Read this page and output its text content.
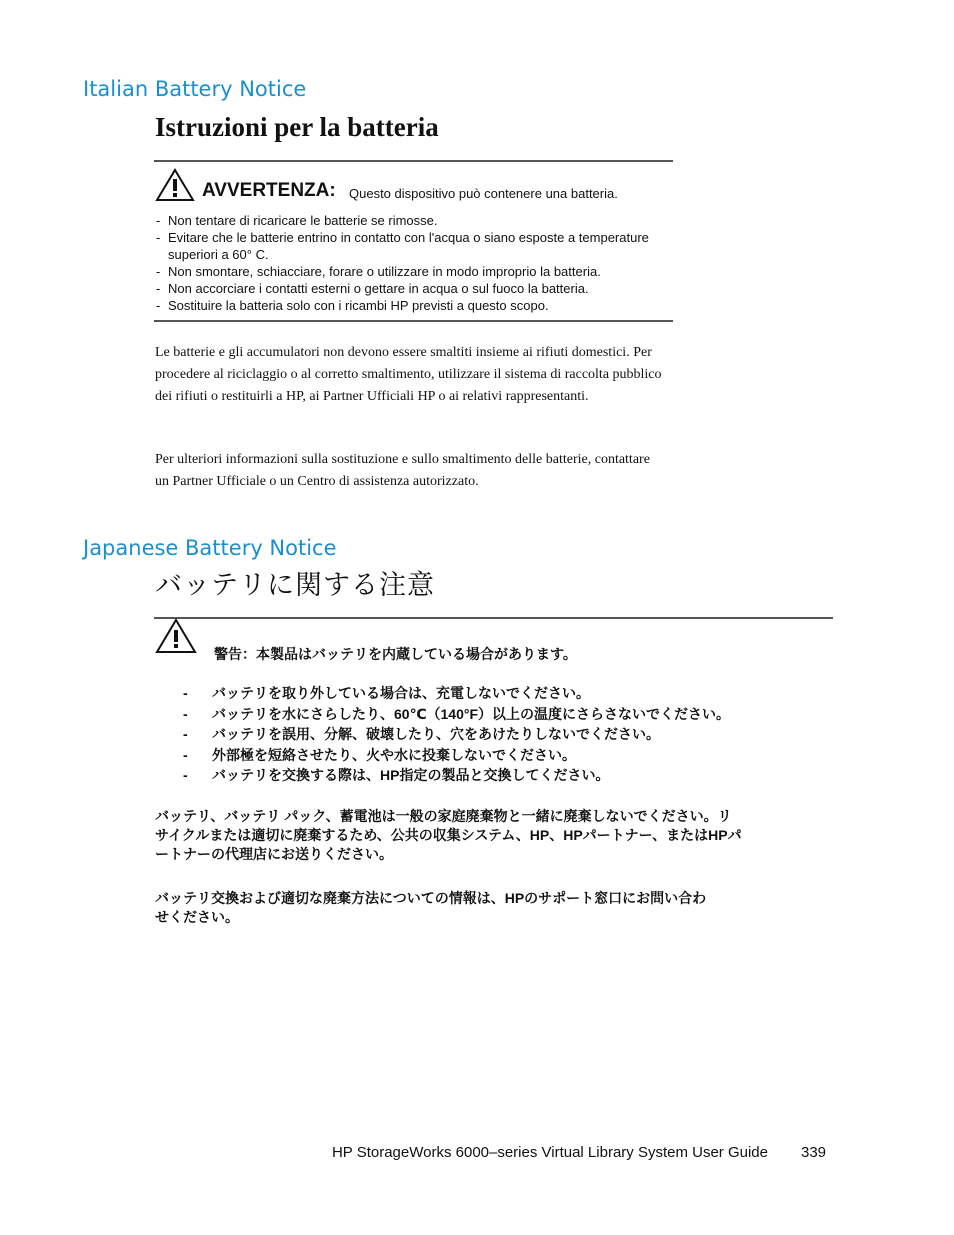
Italian Battery Notice
Istruzioni per la batteria
AVVERTENZA: Questo dispositivo può contenere una batteria.
- Non tentare di ricaricare le batterie se rimosse.
- Evitare che le batterie entrino in contatto con l'acqua o siano esposte a temperature superiori a 60° C.
- Non smontare, schiacciare, forare o utilizzare in modo improprio la batteria.
- Non accorciare i contatti esterni o gettare in acqua o sul fuoco la batteria.
- Sostituire la batteria solo con i ricambi HP previsti a questo scopo.

Le batterie e gli accumulatori non devono essere smaltiti insieme ai rifiuti domestici. Per procedere al riciclaggio o al corretto smaltimento, utilizzare il sistema di raccolta pubblico dei rifiuti o restituirli a HP, ai Partner Ufficiali HP o ai relativi rappresentanti.

Per ulteriori informazioni sulla sostituzione e sullo smaltimento delle batterie, contattare un Partner Ufficiale o un Centro di assistenza autorizzato.

Japanese Battery Notice
バッテリに関する注意
警告：本製品はバッテリを内蔵している場合があります。
- バッテリを取り外している場合は、充電しないでください。
- バッテリを水にさらしたり、60℃（140°F）以上の温度にさらさないでください。
- バッテリを誤用、分解、破壊したり、穴をあけたりしないでください。
- 外部極を短絡させたり、火や水に投棄しないでください。
- バッテリを交換する際は、HP指定の製品と交換してください。

バッテリ、バッテリ パック、蓄電池は一般の家庭廃棄物と一緒に廃棄しないでください。リサイクルまたは適切に廃棄するため、公共の収集システム、HP、HPパートナー、またはHPパートナーの代理店にお送りください。

バッテリ交換および適切な廃棄方法についての情報は、HPのサポート窓口にお問い合わせください。

HP StorageWorks 6000–series Virtual Library System User Guide 339
